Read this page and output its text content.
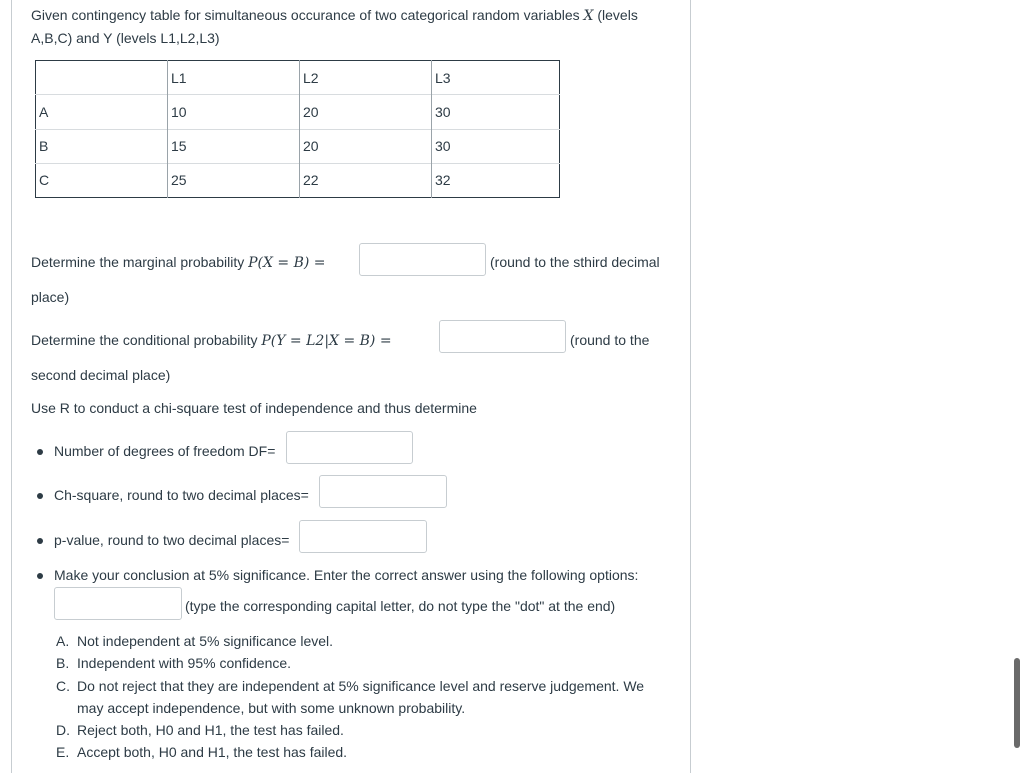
Given contingency table for simultaneous occurance of two categorical random variables X (levels
A,B,C) and Y (levels L1,L2,L3)
	L1	L2	L3
A	10	20	30
B	15	20	30
C	25	22	32
Determine the marginal probability P(X = B) =	(round to the sthird decimal
place)
Determine the conditional probability P(Y = L2|X = B) =	(round to the
second decimal place)
Use R to conduct a chi-square test of independence and thus determine
Number of degrees of freedom DF=
Ch-square, round to two decimal places=
p-value, round to two decimal places=
Make your conclusion at 5% significance. Enter the correct answer using the following options:
(type the corresponding capital letter, do not type the "dot" at the end)
A. Not independent at 5% significance level.
B. Independent with 95% confidence.
C. Do not reject that they are independent at 5% significance level and reserve judgement. We
may accept independence, but with some unknown probability.
D. Reject both, H0 and H1, the test has failed.
E. Accept both, H0 and H1, the test has failed.
